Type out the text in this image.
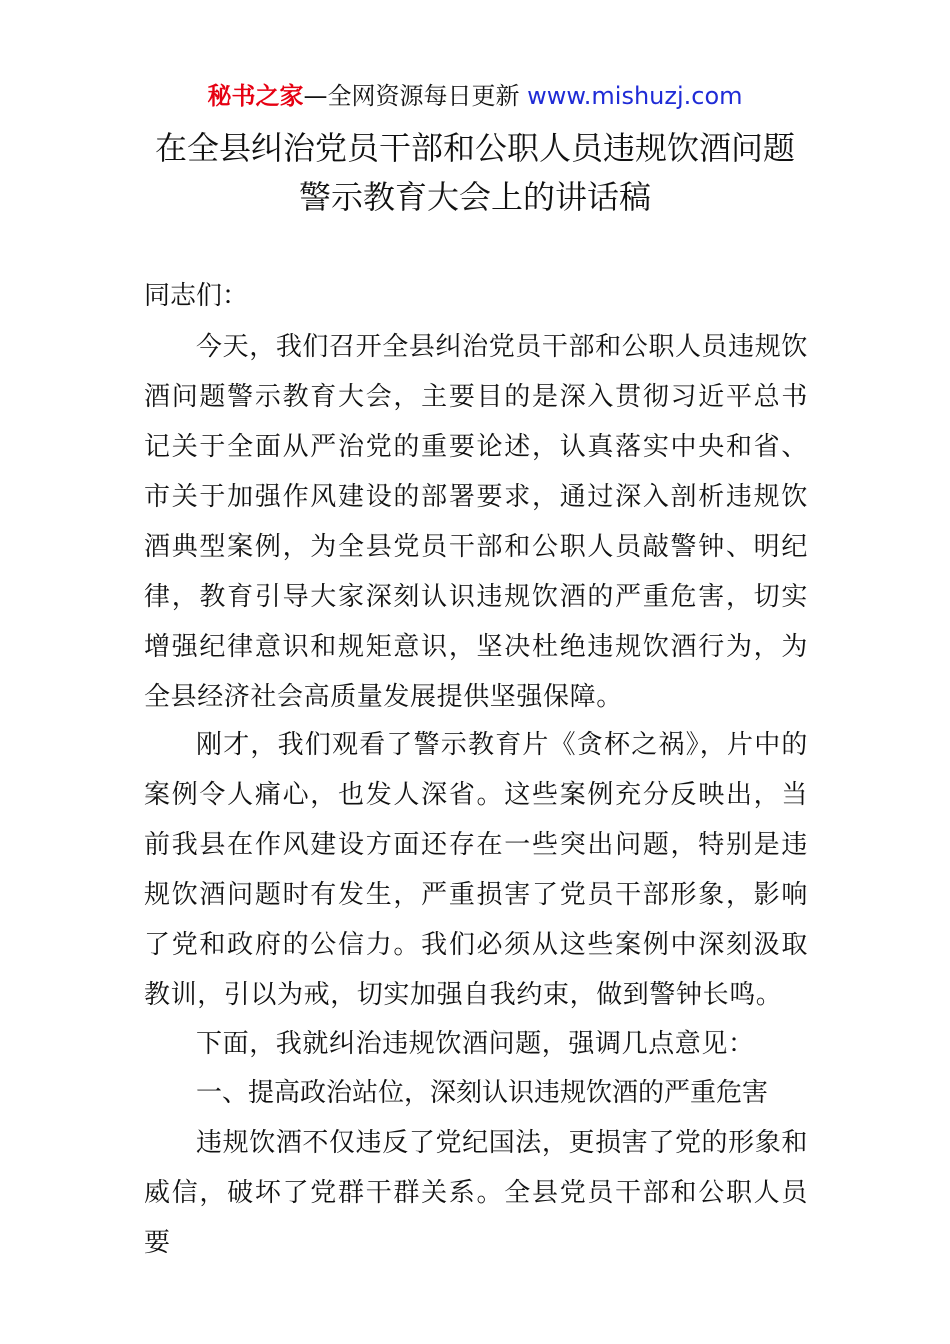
秘书之家—全网资源每日更新 www.mishuzj.com
在全县纠治党员干部和公职人员违规饮酒问题
警示教育大会上的讲话稿
同志们：
今天，我们召开全县纠治党员干部和公职人员违规饮酒问题警示教育大会，主要目的是深入贯彻习近平总书记关于全面从严治党的重要论述，认真落实中央和省、市关于加强作风建设的部署要求，通过深入剖析违规饮酒典型案例，为全县党员干部和公职人员敲警钟、明纪律，教育引导大家深刻认识违规饮酒的严重危害，切实增强纪律意识和规矩意识，坚决杜绝违规饮酒行为，为全县经济社会高质量发展提供坚强保障。
刚才，我们观看了警示教育片《贪杯之祸》，片中的案例令人痛心，也发人深省。这些案例充分反映出，当前我县在作风建设方面还存在一些突出问题，特别是违规饮酒问题时有发生，严重损害了党员干部形象，影响了党和政府的公信力。我们必须从这些案例中深刻汲取教训，引以为戒，切实加强自我约束，做到警钟长鸣。
下面，我就纠治违规饮酒问题，强调几点意见：
一、提高政治站位，深刻认识违规饮酒的严重危害
违规饮酒不仅违反了党纪国法，更损害了党的形象和威信，破坏了党群干群关系。全县党员干部和公职人员要
